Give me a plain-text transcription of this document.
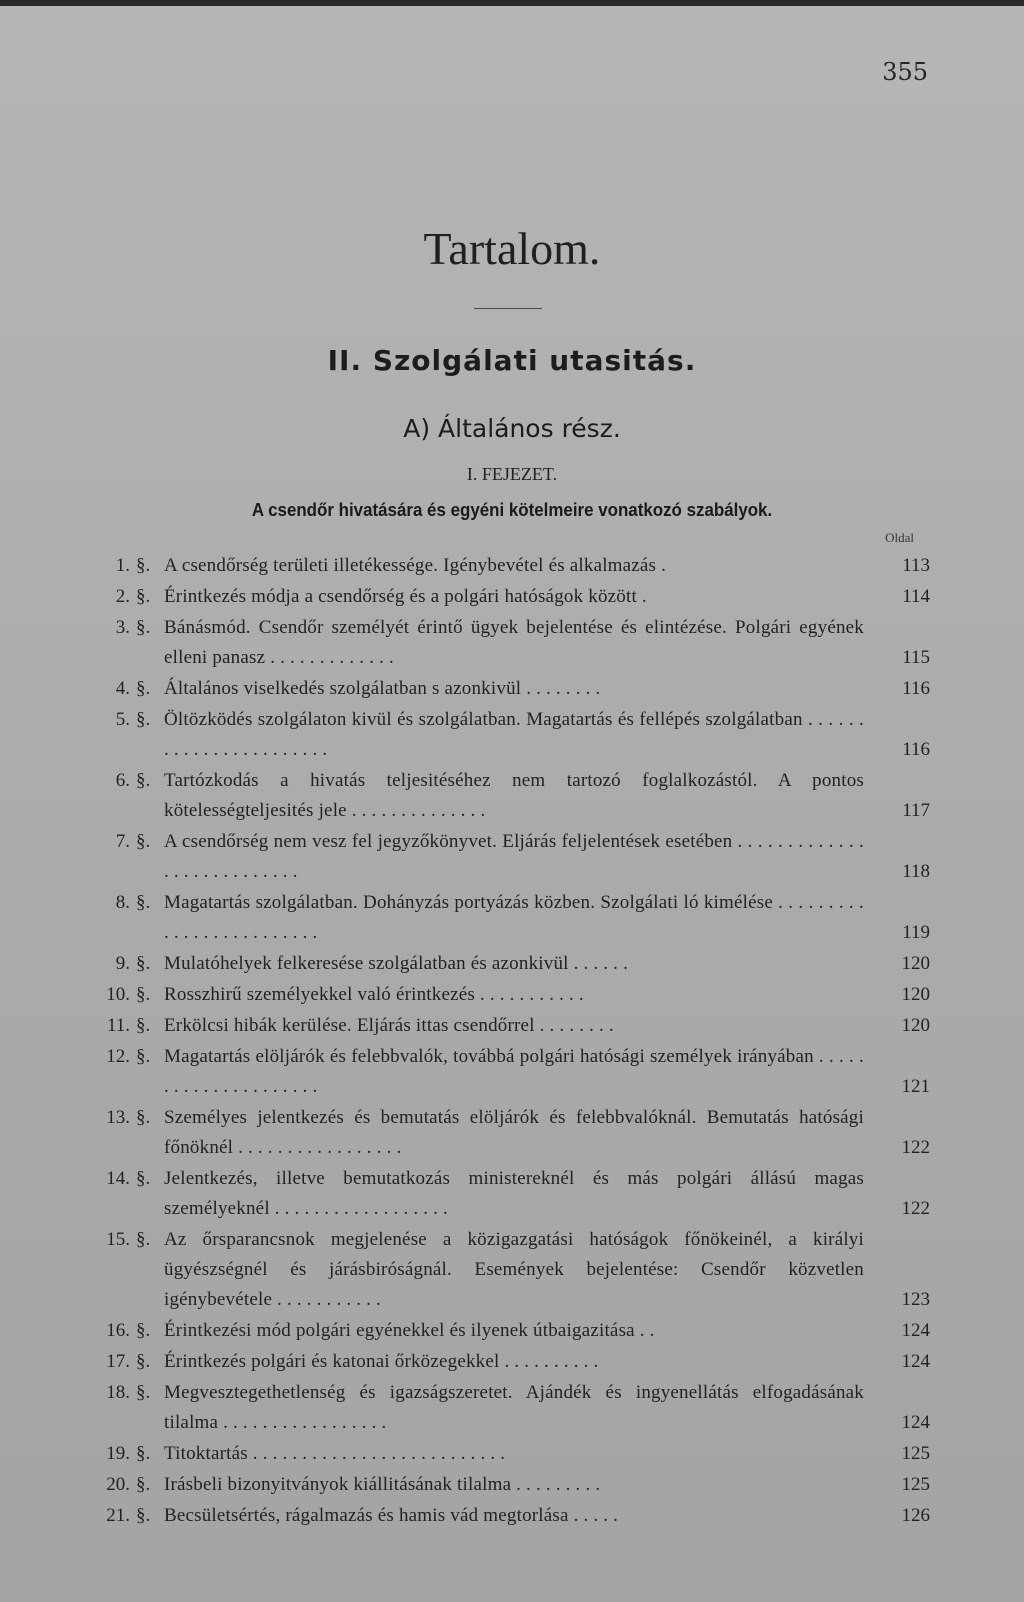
355
Tartalom.
II. Szolgálati utasitás.
A) Általános rész.
I. FEJEZET.
A csendőr hivatására és egyéni kötelmeire vonatkozó szabályok.
Oldal
1. §. A csendőrség területi illetékessége. Igénybevétel és alkalmazás .	113
2. §. Érintkezés módja a csendőrség és a polgári hatóságok között .	114
3. §. Bánásmód. Csendőr személyét érintő ügyek bejelentése és elintézése. Polgári egyének elleni panasz . . . . . . . . . . . . .	115
4. §. Általános viselkedés szolgálatban s azonkivül . . . . . . . .	116
5. §. Öltözködés szolgálaton kivül és szolgálatban. Magatartás és fellépés szolgálatban . . . . . . . . . . . . . . . . . . . . . . .	116
6. §. Tartózkodás a hivatás teljesitéséhez nem tartozó foglalkozástól. A pontos kötelességteljesités jele . . . . . . . . . . . . . .	117
7. §. A csendőrség nem vesz fel jegyzőkönyvet. Eljárás feljelentések esetében . . . . . . . . . . . . . . . . . . . . . . . . . . .	118
8. §. Magatartás szolgálatban. Dohányzás portyázás közben. Szolgálati ló kimélése . . . . . . . . . . . . . . . . . . . . . . . . .	119
9. §. Mulatóhelyek felkeresése szolgálatban és azonkivül . . . . . .	120
10. §. Rosszhirű személyekkel való érintkezés . . . . . . . . . . .	120
11. §. Erkölcsi hibák kerülése. Eljárás ittas csendőrrel . . . . . . . .	120
12. §. Magatartás elöljárók és felebbvalók, továbbá polgári hatósági személyek irányában . . . . . . . . . . . . . . . . . . . . .	121
13. §. Személyes jelentkezés és bemutatás elöljárók és felebbvalóknál. Bemutatás hatósági főnöknél . . . . . . . . . . . . . . . . .	122
14. §. Jelentkezés, illetve bemutatkozás ministereknél és más polgári állású magas személyeknél . . . . . . . . . . . . . . . . . .	122
15. §. Az őrsparancsnok megjelenése a közigazgatási hatóságok főnökeinél, a királyi ügyészségnél és járásbiróságnál. Események bejelentése: Csendőr közvetlen igénybevétele . . . . . . . . . . .	123
16. §. Érintkezési mód polgári egyénekkel és ilyenek útbaigazitása . .	124
17. §. Érintkezés polgári és katonai őrközegekkel . . . . . . . . . .	124
18. §. Megvesztegethetlenség és igazságszeretet. Ajándék és ingyenellátás elfogadásának tilalma . . . . . . . . . . . . . . . . .	124
19. §. Titoktartás . . . . . . . . . . . . . . . . . . . . . . . . . .	125
20. §. Irásbeli bizonyitványok kiállitásának tilalma . . . . . . . . .	125
21. §. Becsületsértés, rágalmazás és hamis vád megtorlása . . . . .	126
